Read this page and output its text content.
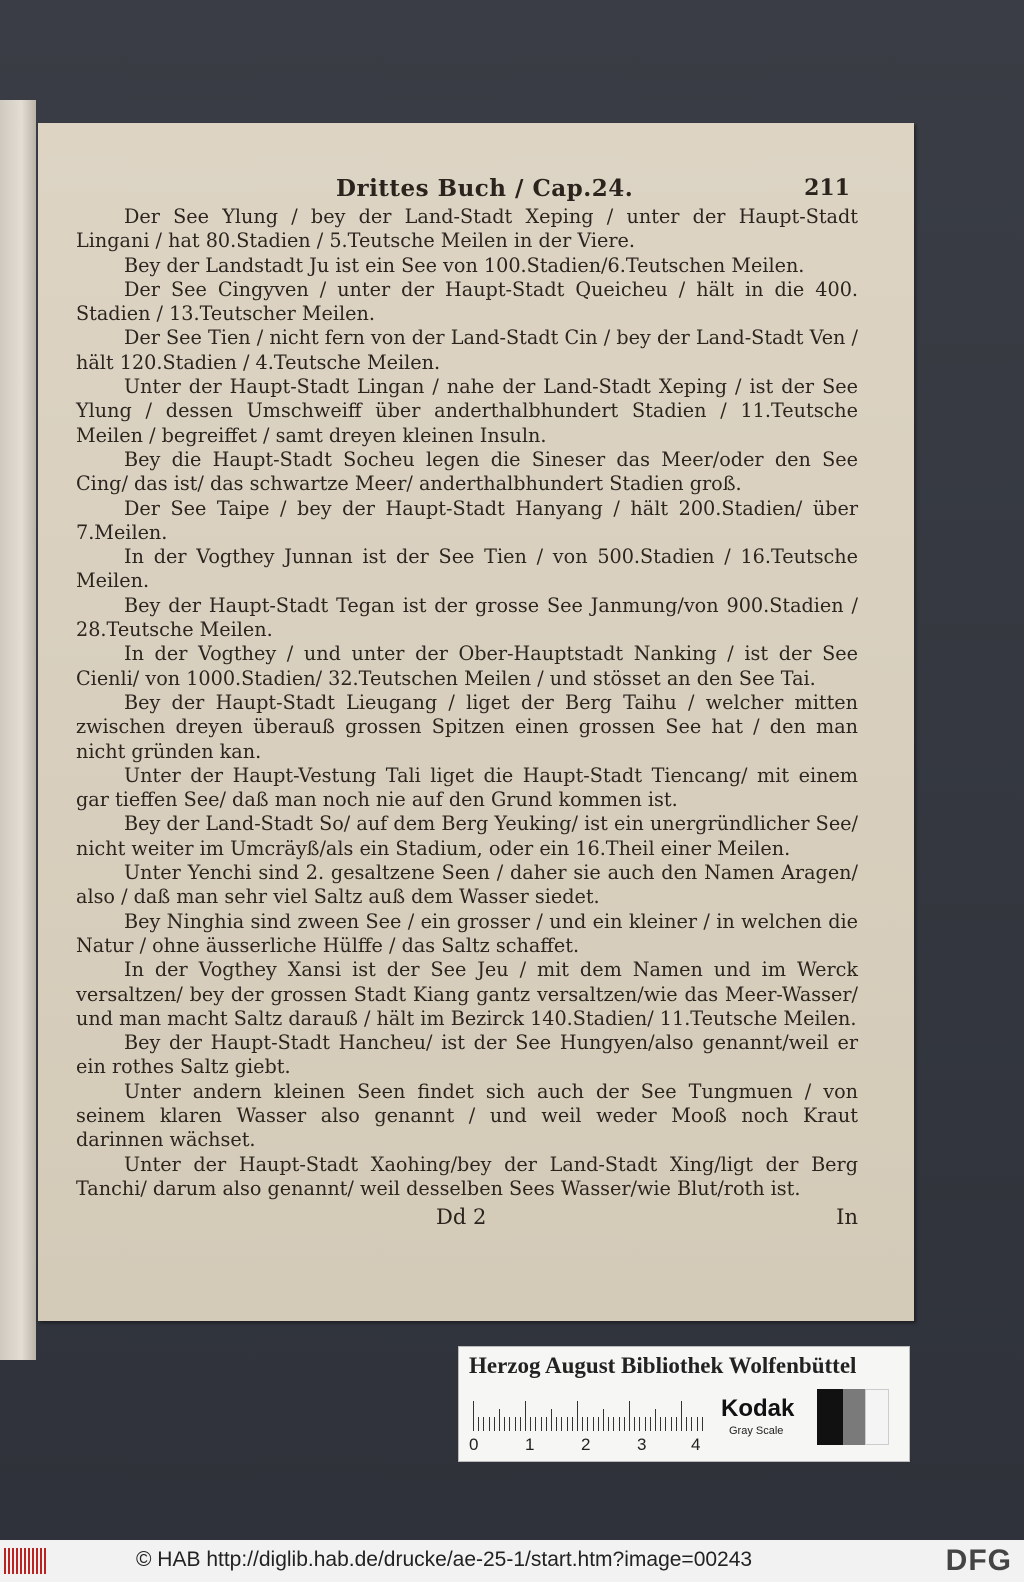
Drittes Buch / Cap.24.	211

Der See Ylung / bey der Land-Stadt Xeping / unter der Haupt-Stadt Lingani / hat 80.Stadien / 5.Teutsche Meilen in der Viere.

Bey der Landstadt Ju ist ein See von 100.Stadien/6.Teutschen Meilen.

Der See Cingyven / unter der Haupt-Stadt Queicheu / hält in die 400. Stadien / 13.Teutscher Meilen.

Der See Tien / nicht fern von der Land-Stadt Cin / bey der Land-Stadt Ven / hält 120.Stadien / 4.Teutsche Meilen.

Unter der Haupt-Stadt Lingan / nahe der Land-Stadt Xeping / ist der See Ylung / dessen Umschweiff über anderthalbhundert Stadien / 11.Teutsche Meilen / begreiffet / samt dreyen kleinen Insuln.

Bey die Haupt-Stadt Socheu legen die Sineser das Meer/oder den See Cing/ das ist/ das schwartze Meer/ anderthalbhundert Stadien groß.

Der See Taipe / bey der Haupt-Stadt Hanyang / hält 200.Stadien/ über 7.Meilen.

In der Vogthey Junnan ist der See Tien / von 500.Stadien / 16.Teutsche Meilen.

Bey der Haupt-Stadt Tegan ist der grosse See Janmung/von 900.Stadien / 28.Teutsche Meilen.

In der Vogthey / und unter der Ober-Hauptstadt Nanking / ist der See Cienli/ von 1000.Stadien/ 32.Teutschen Meilen / und stösset an den See Tai.

Bey der Haupt-Stadt Lieugang / liget der Berg Taihu / welcher mitten zwischen dreyen überauß grossen Spitzen einen grossen See hat / den man nicht gründen kan.

Unter der Haupt-Vestung Tali liget die Haupt-Stadt Tiencang/ mit einem gar tieffen See/ daß man noch nie auf den Grund kommen ist.

Bey der Land-Stadt So/ auf dem Berg Yeuking/ ist ein unergründlicher See/ nicht weiter im Umcräyß/als ein Stadium, oder ein 16.Theil einer Meilen.

Unter Yenchi sind 2. gesaltzene Seen / daher sie auch den Namen Aragen/ also / daß man sehr viel Saltz auß dem Wasser siedet.

Bey Ninghia sind zween See / ein grosser / und ein kleiner / in welchen die Natur / ohne äusserliche Hülffe / das Saltz schaffet.

In der Vogthey Xansi ist der See Jeu / mit dem Namen und im Werck versaltzen/ bey der grossen Stadt Kiang gantz versaltzen/wie das Meer-Wasser/ und man macht Saltz darauß / hält im Bezirck 140.Stadien/ 11.Teutsche Meilen.

Bey der Haupt-Stadt Hancheu/ ist der See Hungyen/also genannt/weil er ein rothes Saltz giebt.

Unter andern kleinen Seen findet sich auch der See Tungmuen / von seinem klaren Wasser also genannt / und weil weder Mooß noch Kraut darinnen wächset.

Unter der Haupt-Stadt Xaohing/bey der Land-Stadt Xing/ligt der Berg Tanchi/ darum also genannt/ weil desselben Sees Wasser/wie Blut/roth ist.

Dd 2	In
Herzog August Bibliothek Wolfenbüttel
0	1	2	3	4
Kodak
Gray Scale
© HAB http://diglib.hab.de/drucke/ae-25-1/start.htm?image=00243	DFG
